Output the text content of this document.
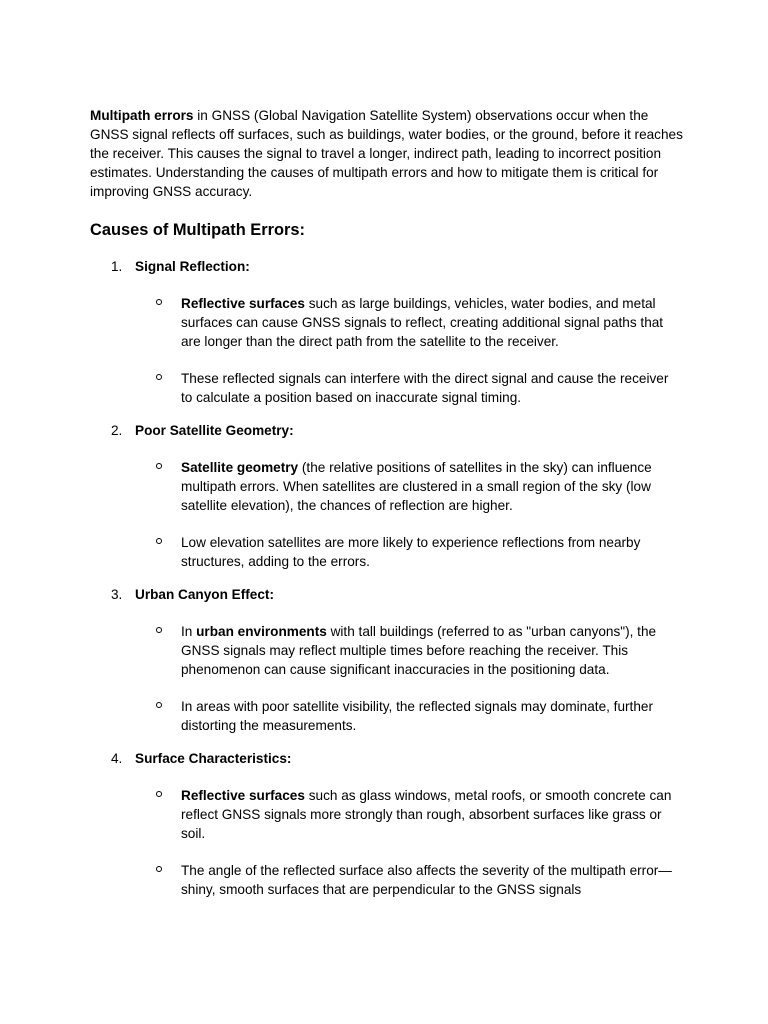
Multipath errors in GNSS (Global Navigation Satellite System) observations occur when the GNSS signal reflects off surfaces, such as buildings, water bodies, or the ground, before it reaches the receiver. This causes the signal to travel a longer, indirect path, leading to incorrect position estimates. Understanding the causes of multipath errors and how to mitigate them is critical for improving GNSS accuracy.

Causes of Multipath Errors:
1. Signal Reflection:
Reflective surfaces such as large buildings, vehicles, water bodies, and metal surfaces can cause GNSS signals to reflect, creating additional signal paths that are longer than the direct path from the satellite to the receiver.
These reflected signals can interfere with the direct signal and cause the receiver to calculate a position based on inaccurate signal timing.
2. Poor Satellite Geometry:
Satellite geometry (the relative positions of satellites in the sky) can influence multipath errors. When satellites are clustered in a small region of the sky (low satellite elevation), the chances of reflection are higher.
Low elevation satellites are more likely to experience reflections from nearby structures, adding to the errors.
3. Urban Canyon Effect:
In urban environments with tall buildings (referred to as "urban canyons"), the GNSS signals may reflect multiple times before reaching the receiver. This phenomenon can cause significant inaccuracies in the positioning data.
In areas with poor satellite visibility, the reflected signals may dominate, further distorting the measurements.
4. Surface Characteristics:
Reflective surfaces such as glass windows, metal roofs, or smooth concrete can reflect GNSS signals more strongly than rough, absorbent surfaces like grass or soil.
The angle of the reflected surface also affects the severity of the multipath error—shiny, smooth surfaces that are perpendicular to the GNSS signals
